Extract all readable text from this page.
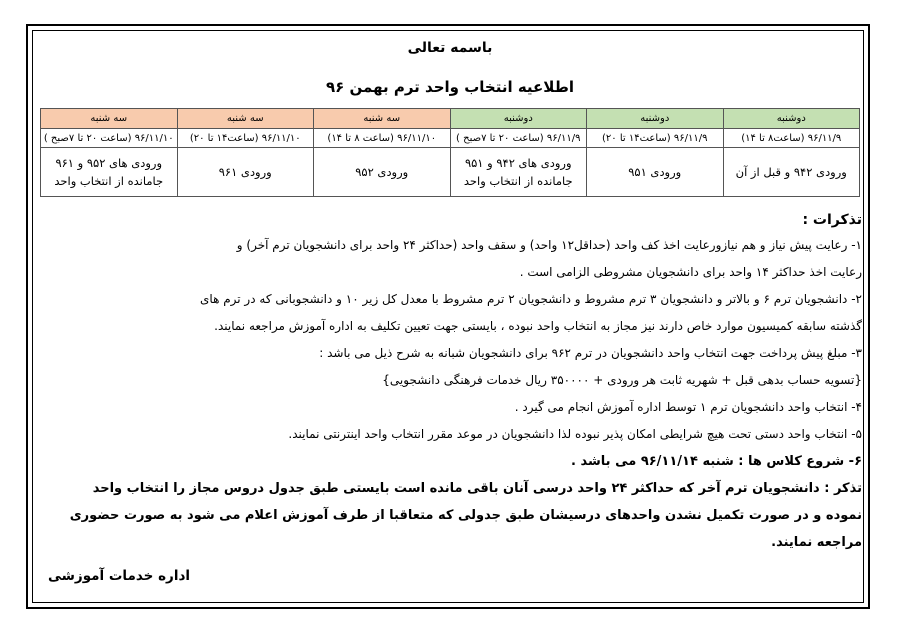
باسمه تعالی
اطلاعیه انتخاب واحد ترم بهمن ۹۶
دوشنبه	دوشنبه	دوشنبه	سه شنبه	سه شنبه	سه شنبه
۹۶/۱۱/۹ (ساعت۸ تا ۱۴)	۹۶/۱۱/۹ (ساعت۱۴ تا ۲۰)	۹۶/۱۱/۹ (ساعت ۲۰ تا ۷صبح )	۹۶/۱۱/۱۰ (ساعت ۸ تا ۱۴)	۹۶/۱۱/۱۰ (ساعت۱۴ تا ۲۰)	۹۶/۱۱/۱۰ (ساعت ۲۰ تا ۷صبح )
ورودی ۹۴۲ و قبل از آن	ورودی ۹۵۱	ورودی های ۹۴۲ و ۹۵۱ جامانده از انتخاب واحد	ورودی ۹۵۲	ورودی ۹۶۱	ورودی های ۹۵۲ و ۹۶۱ جامانده از انتخاب واحد
تذکرات :
۱- رعایت پیش نیاز و هم نیازورعایت اخذ کف واحد (حداقل۱۲ واحد) و سقف واحد (حداکثر ۲۴ واحد برای دانشجویان ترم آخر) و
رعایت اخذ حداکثر ۱۴ واحد برای دانشجویان مشروطی الزامی است .
۲- دانشجویان ترم ۶ و بالاتر و دانشجویان ۳ ترم مشروط و دانشجویان ۲ ترم مشروط با معدل کل زیر ۱۰ و دانشجوبانی که در ترم های
گذشته سابقه کمیسیون موارد خاص دارند نیز مجاز به انتخاب واحد نبوده ، بایستی جهت تعیین تکلیف به اداره آموزش مراجعه نمایند.
۳- مبلغ پیش پرداخت جهت انتخاب واحد دانشجویان در ترم ۹۶۲ برای دانشجویان شبانه به شرح ذیل می باشد :
{تسویه حساب بدهی قبل + شهریه ثابت هر ورودی + ۳۵۰۰۰۰ ریال خدمات فرهنگی دانشجویی}
۴- انتخاب واحد دانشجویان ترم ۱ توسط اداره آموزش انجام می گیرد .
۵- انتخاب واحد دستی تحت هیچ شرایطی امکان پذیر نبوده لذا دانشجویان در موعد مقرر انتخاب واحد اینترنتی نمایند.
۶- شروع کلاس ها : شنبه ۹۶/۱۱/۱۴ می باشد .
تذکر : دانشجویان ترم آخر که حداکثر ۲۴ واحد درسی آنان باقی مانده است بایستی طبق جدول دروس مجاز را انتخاب واحد
نموده و در صورت تکمیل نشدن واحدهای درسیشان طبق جدولی که متعاقبا از طرف آموزش اعلام می شود به صورت حضوری
مراجعه نمایند.
اداره خدمات آموزشی
